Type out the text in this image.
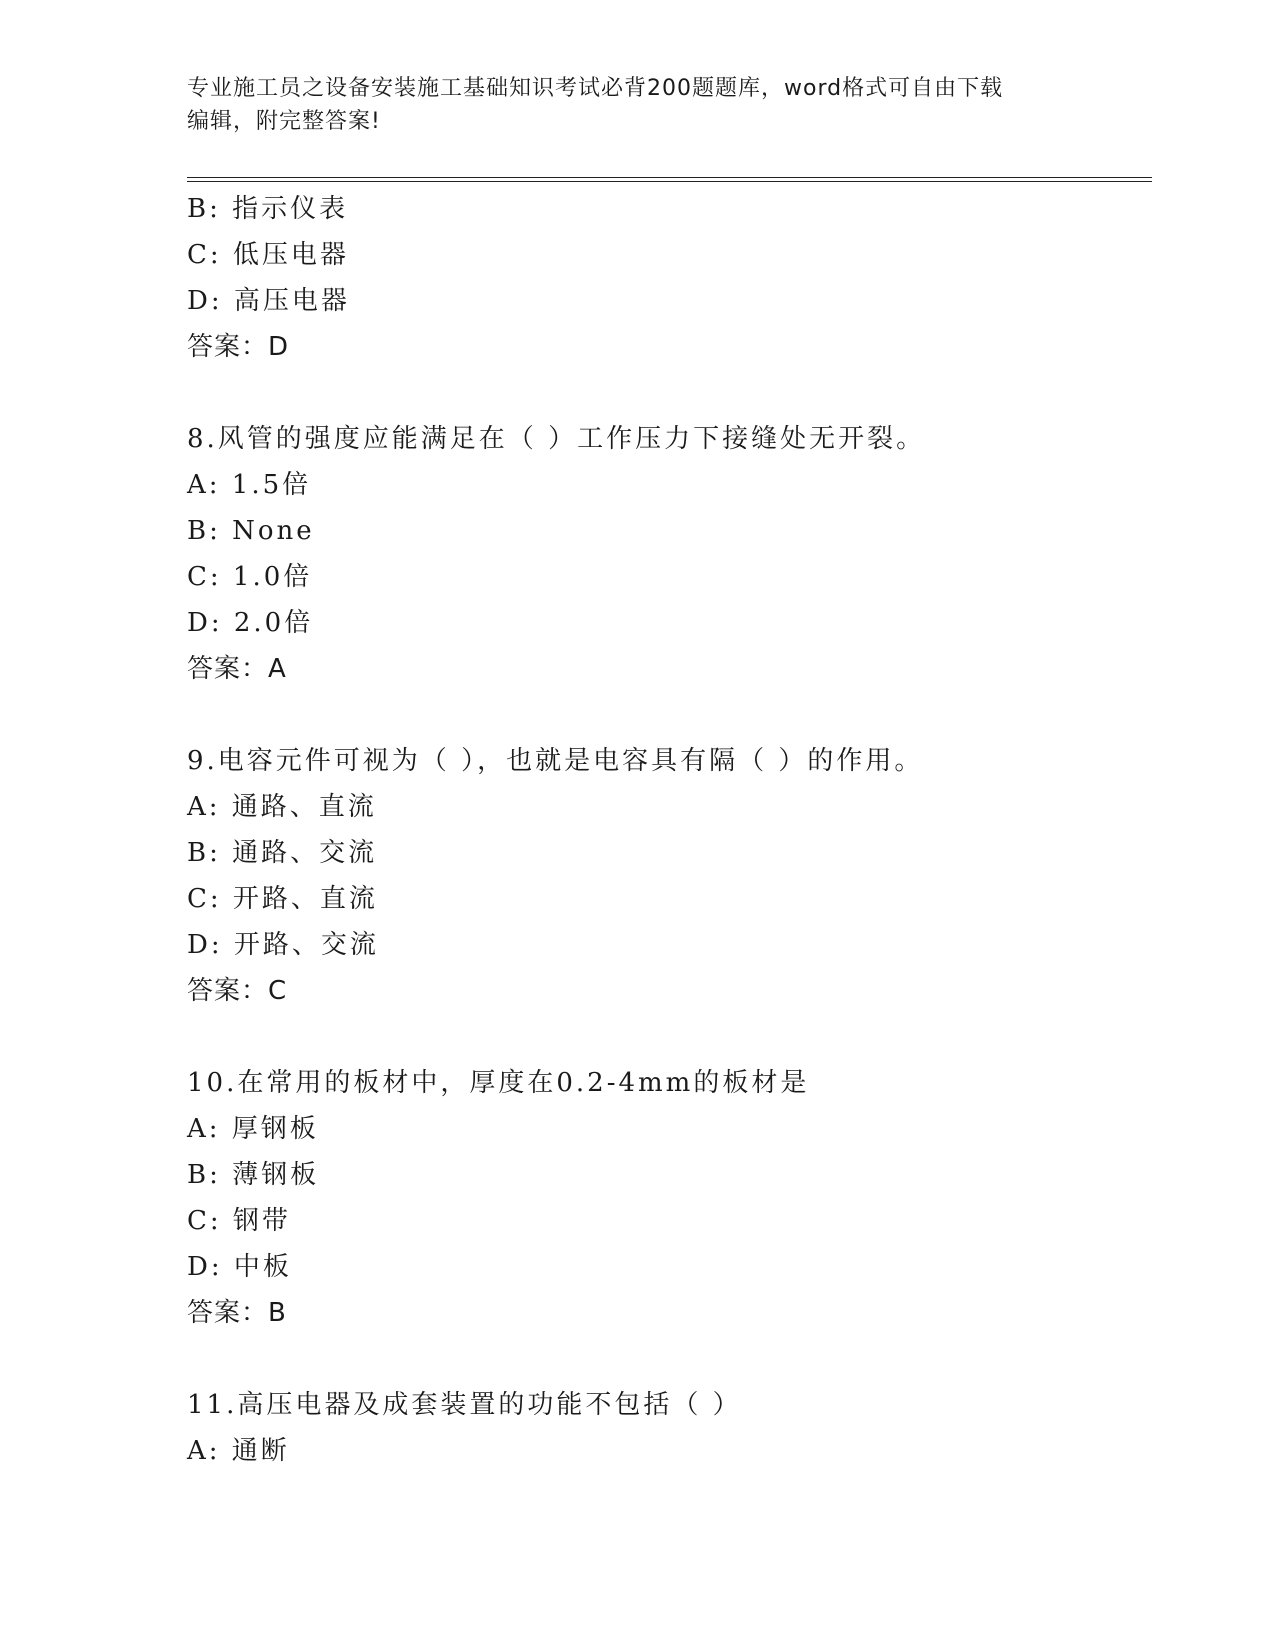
专业施工员之设备安装施工基础知识考试必背200题题库，word格式可自由下载
编辑，附完整答案!
B: 指示仪表
C: 低压电器
D: 高压电器
答案：D
8.风管的强度应能满足在（ ）工作压力下接缝处无开裂。
A: 1.5倍
B: None
C: 1.0倍
D: 2.0倍
答案：A
9.电容元件可视为（ ），也就是电容具有隔（ ）的作用。
A: 通路、直流
B: 通路、交流
C: 开路、直流
D: 开路、交流
答案：C
10.在常用的板材中，厚度在0.2-4mm的板材是
A: 厚钢板
B: 薄钢板
C: 钢带
D: 中板
答案：B
11.高压电器及成套装置的功能不包括（ ）
A: 通断
